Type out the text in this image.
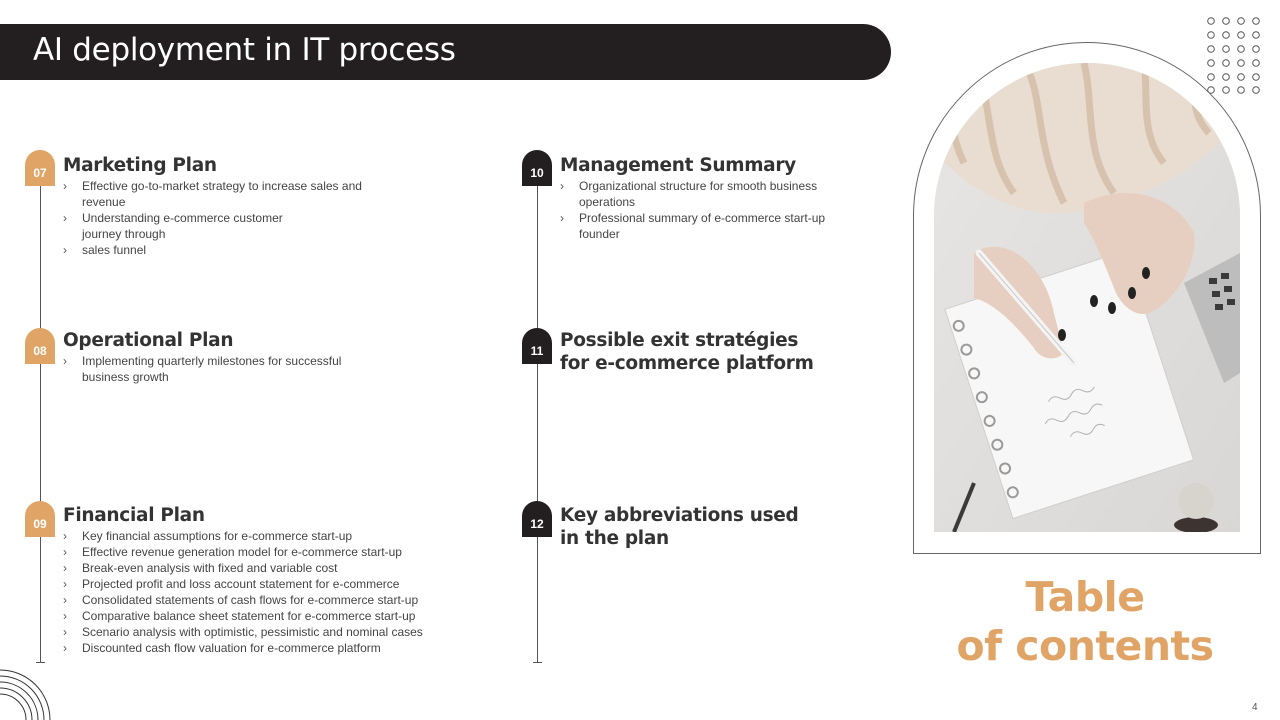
AI deployment in IT process
07 Marketing Plan
› Effective go-to-market strategy to increase sales and revenue
› Understanding e-commerce customer journey through
› sales funnel
08 Operational Plan
› Implementing quarterly milestones for successful business growth
09 Financial Plan
› Key financial assumptions for e-commerce start-up
› Effective revenue generation model for e-commerce start-up
› Break-even analysis with fixed and variable cost
› Projected profit and loss account statement for e-commerce
› Consolidated statements of cash flows for e-commerce start-up
› Comparative balance sheet statement for e-commerce start-up
› Scenario analysis with optimistic, pessimistic and nominal cases
› Discounted cash flow valuation for e-commerce platform
10 Management Summary
› Organizational structure for smooth business operations
› Professional summary of e-commerce start-up founder
11 Possible exit stratégies for e-commerce platform
12 Key abbreviations used in the plan
Table
of contents
4
